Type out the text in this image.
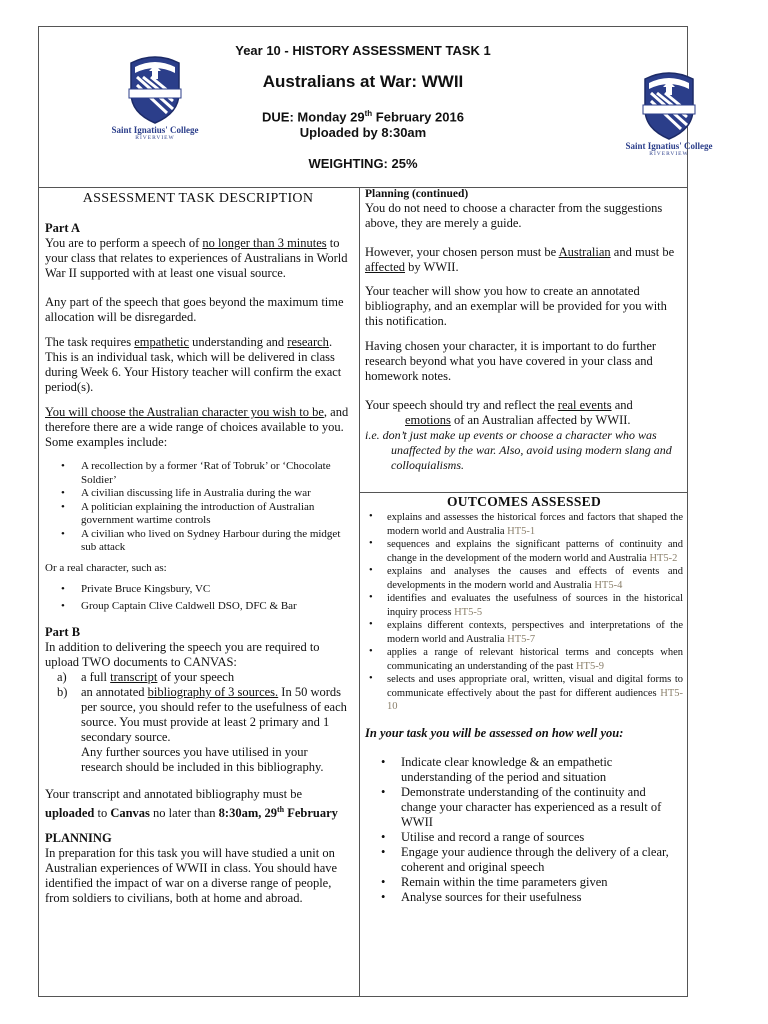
Saint Ignatius' College
RIVERVIEW
Saint Ignatius' College
RIVERVIEW
Year 10 - HISTORY ASSESSMENT TASK 1
Australians at War: WWII
DUE: Monday 29th February 2016
Uploaded by 8:30am
WEIGHTING: 25%
ASSESSMENT TASK DESCRIPTION

Part A

You are to perform a speech of no longer than 3 minutes to your class that relates to experiences of Australians in World War II supported with at least one visual source.

Any part of the speech that goes beyond the maximum time allocation will be disregarded.

The task requires empathetic understanding and research. This is an individual task, which will be delivered in class during Week 6. Your History teacher will confirm the exact period(s).

You will choose the Australian character you wish to be, and therefore there are a wide range of choices available to you. Some examples include:

• A recollection by a former ‘Rat of Tobruk’ or ‘Chocolate Soldier’
• A civilian discussing life in Australia during the war
• A politician explaining the introduction of Australian government wartime controls
• A civilian who lived on Sydney Harbour during the midget sub attack

Or a real character, such as:

• Private Bruce Kingsbury, VC
• Group Captain Clive Caldwell DSO, DFC & Bar

Part B

In addition to delivering the speech you are required to upload TWO documents to CANVAS:

a) a full transcript of your speech
b) an annotated bibliography of 3 sources. In 50 words per source, you should refer to the usefulness of each source. You must provide at least 2 primary and 1 secondary source.
Any further sources you have utilised in your research should be included in this bibliography.

Your transcript and annotated bibliography must be uploaded to Canvas no later than 8:30am, 29th February

PLANNING

In preparation for this task you will have studied a unit on Australian experiences of WWII in class. You should have identified the impact of war on a diverse range of people, from soldiers to civilians, both at home and abroad.

Planning (continued)

You do not need to choose a character from the suggestions above, they are merely a guide.

However, your chosen person must be Australian and must be affected by WWII.

Your teacher will show you how to create an annotated bibliography, and an exemplar will be provided for you with this notification.

Having chosen your character, it is important to do further research beyond what you have covered in your class and homework notes.

Your speech should try and reflect the real events and
emotions of an Australian affected by WWII.

i.e. don’t just make up events or choose a character who was unaffected by the war. Also, avoid using modern slang and colloquialisms.

OUTCOMES ASSESSED
• explains and assesses the historical forces and factors that shaped the modern world and Australia HT5-1
• sequences and explains the significant patterns of continuity and change in the development of the modern world and Australia HT5-2
• explains and analyses the causes and effects of events and developments in the modern world and Australia HT5-4
• identifies and evaluates the usefulness of sources in the historical inquiry process HT5-5
• explains different contexts, perspectives and interpretations of the modern world and Australia HT5-7
• applies a range of relevant historical terms and concepts when communicating an understanding of the past HT5-9
• selects and uses appropriate oral, written, visual and digital forms to communicate effectively about the past for different audiences HT5-10

In your task you will be assessed on how well you:

• Indicate clear knowledge & an empathetic understanding of the period and situation
• Demonstrate understanding of the continuity and change your character has experienced as a result of WWII
• Utilise and record a range of sources
• Engage your audience through the delivery of a clear, coherent and original speech
• Remain within the time parameters given
• Analyse sources for their usefulness
